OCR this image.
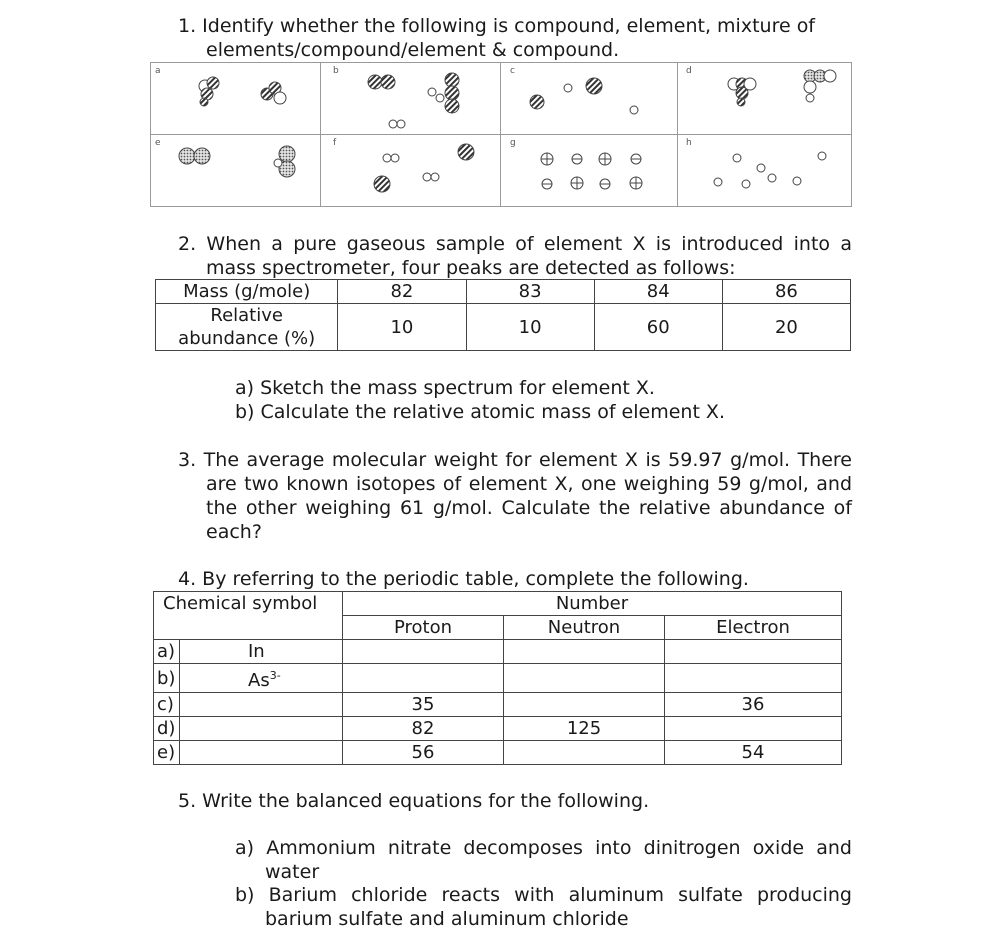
1. Identify whether the following is compound, element, mixture of
elements/compound/element & compound.
a	b	c	d
e	f	g	h
2. When a pure gaseous sample of element X is introduced into a
mass spectrometer, four peaks are detected as follows:
Mass (g/mole)	82	83	84	86

Relative
abundance (%)	10	10	60	20
a) Sketch the mass spectrum for element X.
b) Calculate the relative atomic mass of element X.
3. The average molecular weight for element X is 59.97 g/mol. There
are two known isotopes of element X, one weighing 59 g/mol, and
the other weighing 61 g/mol. Calculate the relative abundance of
each?
4. By referring to the periodic table, complete the following.
Chemical symbol		Number		
		Proton	Neutron	Electron
a)	In			
b)	$As^{3-}$			
c)		35		36
d)		82	125	
e)		56		54
5. Write the balanced equations for the following.
a) Ammonium nitrate decomposes into dinitrogen oxide and
water
b) Barium chloride reacts with aluminum sulfate producing
barium sulfate and aluminum chloride
